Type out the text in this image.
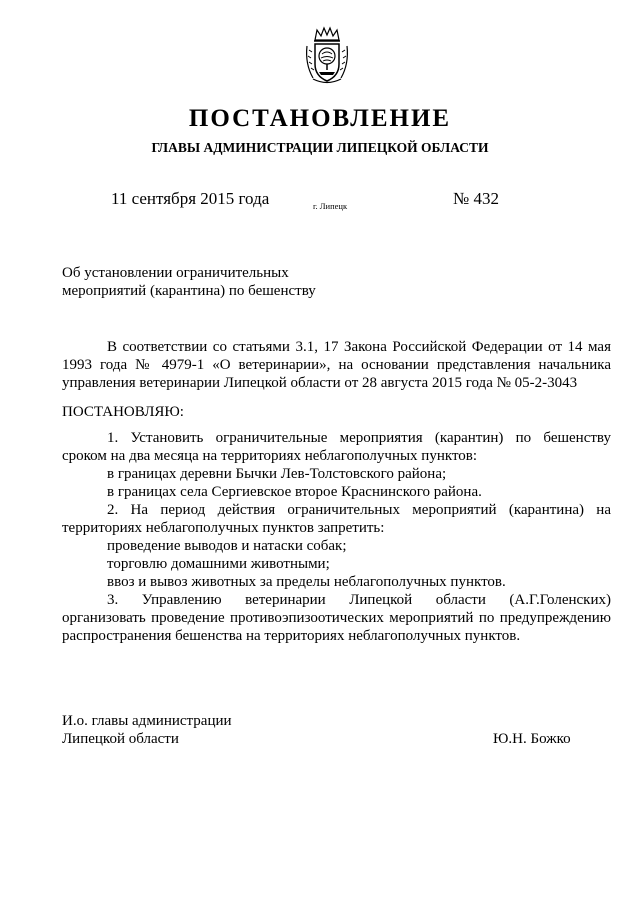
ПОСТАНОВЛЕНИЕ
ГЛАВЫ АДМИНИСТРАЦИИ ЛИПЕЦКОЙ ОБЛАСТИ
11 сентября 2015 года	г. Липецк	№ 432
Об установлении ограничительных
мероприятий (карантина) по бешенству
В соответствии со статьями 3.1, 17 Закона Российской Федерации от 14 мая
1993 года № 4979-1 «О ветеринарии», на основании представления начальника
управления ветеринарии Липецкой области от 28 августа 2015 года № 05-2-3043
ПОСТАНОВЛЯЮ:
1. Установить ограничительные мероприятия (карантин) по бешенству
сроком на два месяца на территориях неблагополучных пунктов:
в границах деревни Бычки Лев-Толстовского района;
в границах села Сергиевское второе Краснинского района.
2. На период действия ограничительных мероприятий (карантина) на
территориях неблагополучных пунктов запретить:
проведение выводов и натаски собак;
торговлю домашними животными;
ввоз и вывоз животных за пределы неблагополучных пунктов.
3. Управлению ветеринарии Липецкой области (А.Г.Голенских)
организовать проведение противоэпизоотических мероприятий по предупреждению
распространения бешенства на территориях неблагополучных пунктов.
И.о. главы администрации
Липецкой области	Ю.Н. Божко
